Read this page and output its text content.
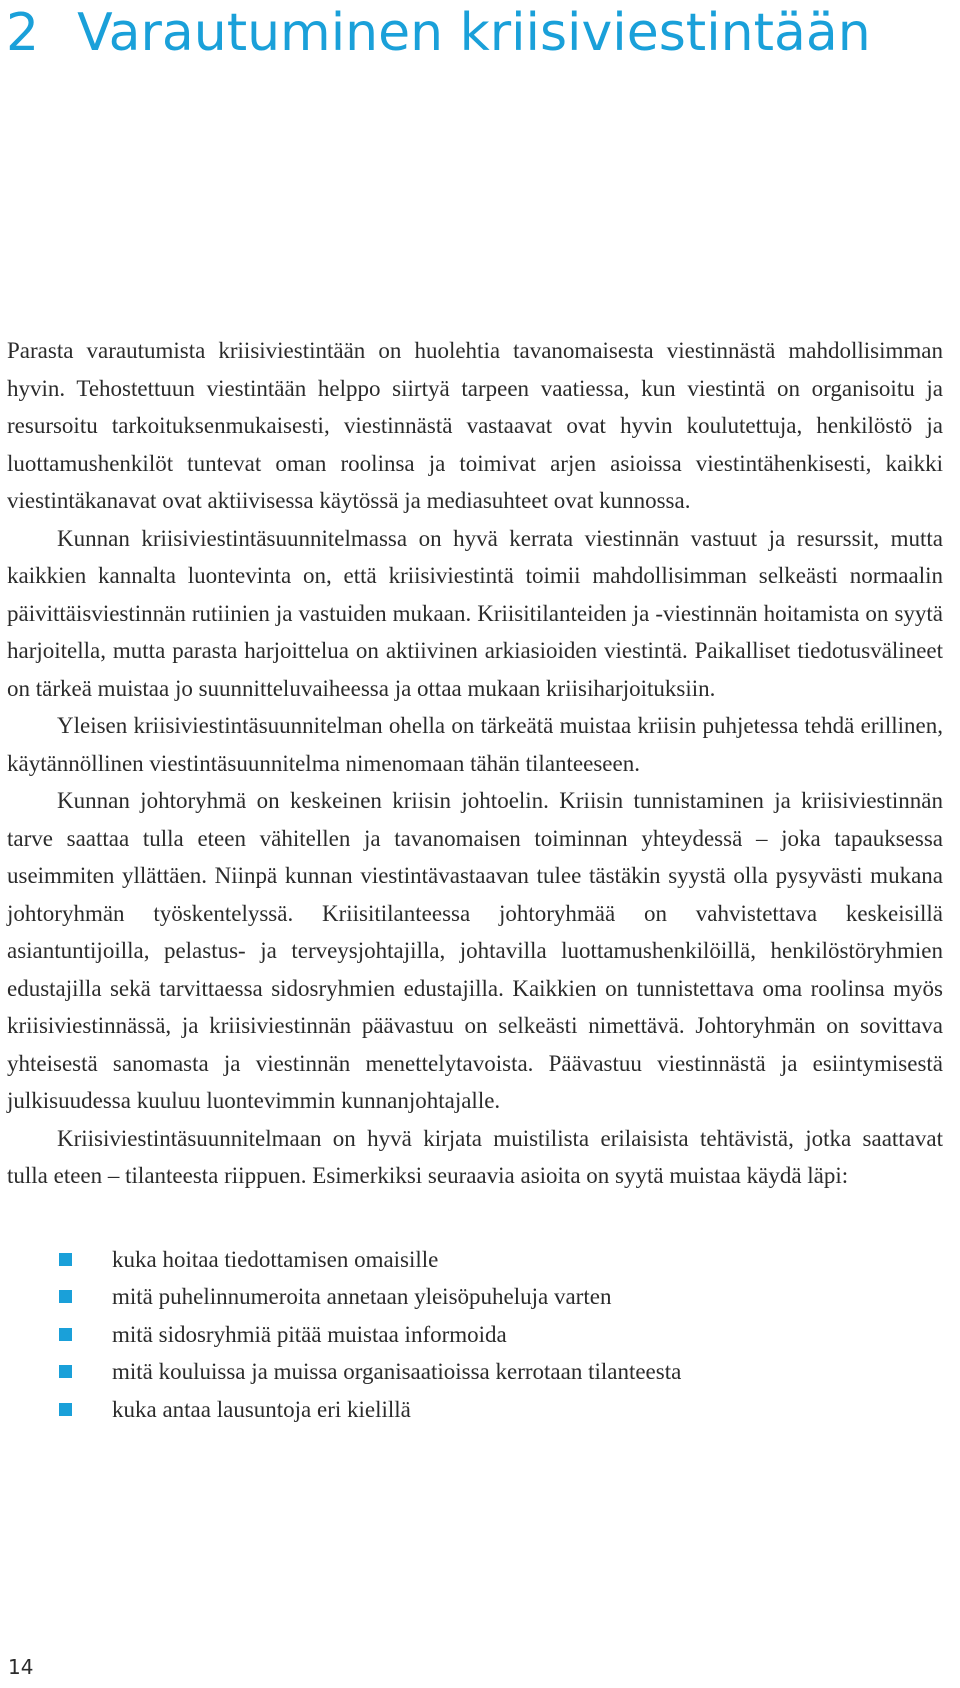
2 Varautuminen kriisiviestintään

Parasta varautumista kriisiviestintään on huolehtia tavanomaisesta viestinnästä mahdollisimman hyvin. Tehostettuun viestintään helppo siirtyä tarpeen vaatiessa, kun viestintä on organisoitu ja resursoitu tarkoituksenmukaisesti, viestinnästä vastaavat ovat hyvin koulutettuja, henkilöstö ja luottamushenkilöt tuntevat oman roolinsa ja toimivat arjen asioissa viestintähenkisesti, kaikki viestintäkanavat ovat aktiivisessa käytössä ja mediasuhteet ovat kunnossa.

Kunnan kriisiviestintäsuunnitelmassa on hyvä kerrata viestinnän vastuut ja resurssit, mutta kaikkien kannalta luontevinta on, että kriisiviestintä toimii mahdollisimman selkeästi normaalin päivittäisviestinnän rutiinien ja vastuiden mukaan. Kriisitilanteiden ja -viestinnän hoitamista on syytä harjoitella, mutta parasta harjoittelua on aktiivinen arkiasioiden viestintä. Paikalliset tiedotusvälineet on tärkeä muistaa jo suunnitteluvaiheessa ja ottaa mukaan kriisiharjoituksiin.

Yleisen kriisiviestintäsuunnitelman ohella on tärkeätä muistaa kriisin puhjetessa tehdä erillinen, käytännöllinen viestintäsuunnitelma nimenomaan tähän tilanteeseen.

Kunnan johtoryhmä on keskeinen kriisin johtoelin. Kriisin tunnistaminen ja kriisiviestinnän tarve saattaa tulla eteen vähitellen ja tavanomaisen toiminnan yhteydessä – joka tapauksessa useimmiten yllättäen. Niinpä kunnan viestintävastaavan tulee tästäkin syystä olla pysyvästi mukana johtoryhmän työskentelyssä. Kriisitilanteessa johtoryhmää on vahvistettava keskeisillä asiantuntijoilla, pelastus- ja terveysjohtajilla, johtavilla luottamushenkilöillä, henkilöstöryhmien edustajilla sekä tarvittaessa sidosryhmien edustajilla. Kaikkien on tunnistettava oma roolinsa myös kriisiviestinnässä, ja kriisiviestinnän päävastuu on selkeästi nimettävä. Johtoryhmän on sovittava yhteisestä sanomasta ja viestinnän menettelytavoista. Päävastuu viestinnästä ja esiintymisestä julkisuudessa kuuluu luontevimmin kunnanjohtajalle.

Kriisiviestintäsuunnitelmaan on hyvä kirjata muistilista erilaisista tehtävistä, jotka saattavat tulla eteen – tilanteesta riippuen. Esimerkiksi seuraavia asioita on syytä muistaa käydä läpi:

kuka hoitaa tiedottamisen omaisille
mitä puhelinnumeroita annetaan yleisöpuheluja varten
mitä sidosryhmiä pitää muistaa informoida
mitä kouluissa ja muissa organisaatioissa kerrotaan tilanteesta
kuka antaa lausuntoja eri kielillä
14
